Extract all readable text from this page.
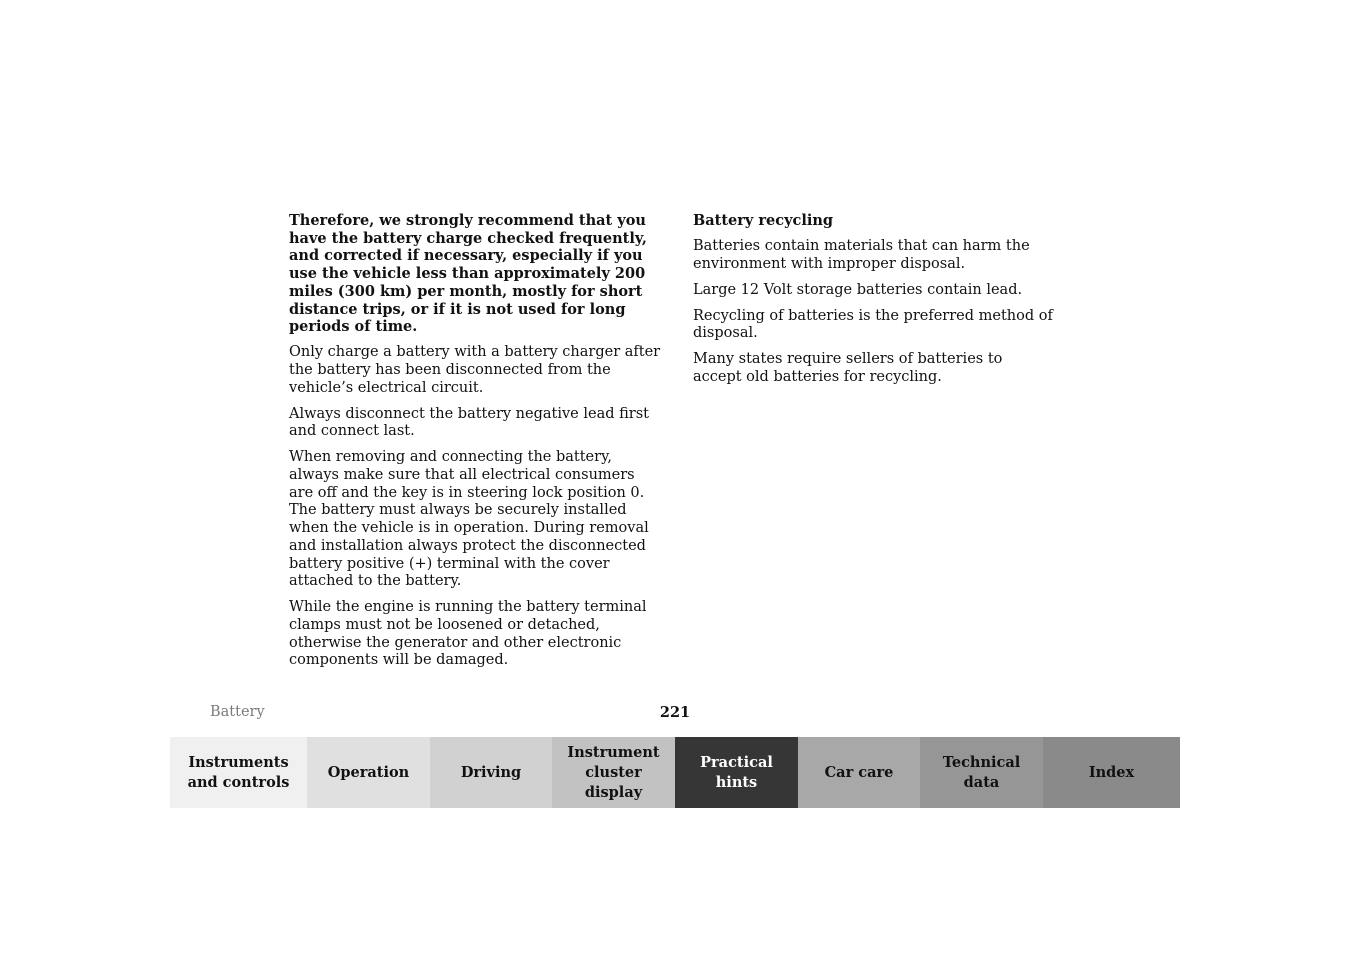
Therefore, we strongly recommend that you have the battery charge checked frequently, and corrected if necessary, especially if you use the vehicle less than approximately 200 miles (300 km) per month, mostly for short distance trips, or if it is not used for long periods of time.

Only charge a battery with a battery charger after the battery has been disconnected from the vehicle’s electrical circuit.

Always disconnect the battery negative lead first and connect last.

When removing and connecting the battery, always make sure that all electrical consumers are off and the key is in steering lock position 0. The battery must always be securely installed when the vehicle is in operation. During removal and installation always protect the disconnected battery positive (+) terminal with the cover attached to the battery.

While the engine is running the battery terminal clamps must not be loosened or detached, otherwise the generator and other electronic components will be damaged.

Battery recycling

Batteries contain materials that can harm the environment with improper disposal.

Large 12 Volt storage batteries contain lead.

Recycling of batteries is the preferred method of disposal.

Many states require sellers of batteries to accept old batteries for recycling.

Battery	221
Instruments
and controls
Operation	Driving
Instrument
cluster display
Practical hints
Car care
Technical
data
Index
